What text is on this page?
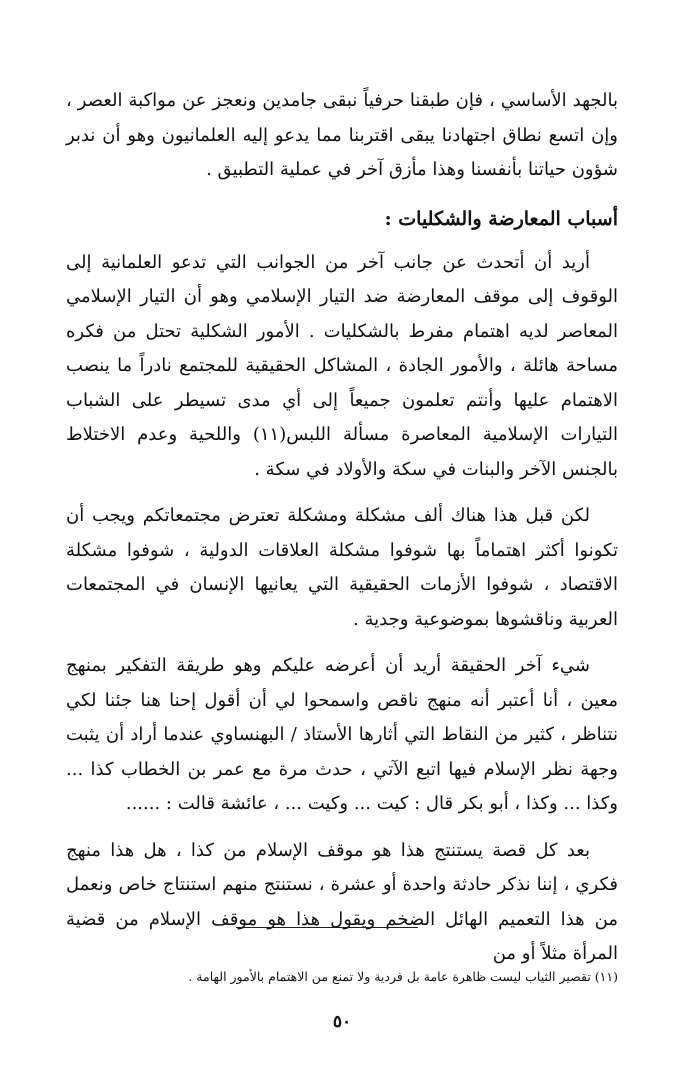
بالجهد الأساسي ، فإن طبقنا حرفياً نبقى جامدين ونعجز عن مواكبة العصر ، وإن اتسع نطاق اجتهادنا يبقى اقتربنا مما يدعو إليه العلمانيون وهو أن ندبر شؤون حياتنا بأنفسنا وهذا مأزق آخر في عملية التطبيق .

أسباب المعارضة والشكليات :

أريد أن أتحدث عن جانب آخر من الجوانب التي تدعو العلمانية إلى الوقوف إلى موقف المعارضة ضد التيار الإسلامي وهو أن التيار الإسلامي المعاصر لديه اهتمام مفرط بالشكليات . الأمور الشكلية تحتل من فكره مساحة هائلة ، والأمور الجادة ، المشاكل الحقيقية للمجتمع نادراً ما ينصب الاهتمام عليها وأنتم تعلمون جميعاً إلى أي مدى تسيطر على الشباب التيارات الإسلامية المعاصرة مسألة اللبس(١١) واللحية وعدم الاختلاط بالجنس الآخر والبنات في سكة والأولاد في سكة .

لكن قبل هذا هناك ألف مشكلة ومشكلة تعترض مجتمعاتكم ويجب أن تكونوا أكثر اهتماماً بها شوفوا مشكلة العلاقات الدولية ، شوفوا مشكلة الاقتصاد ، شوفوا الأزمات الحقيقية التي يعانيها الإنسان في المجتمعات العربية وناقشوها بموضوعية وجدية .

شيء آخر الحقيقة أريد أن أعرضه عليكم وهو طريقة التفكير بمنهج معين ، أنا أعتبر أنه منهج ناقص واسمحوا لي أن أقول إحنا هنا جئنا لكي نتناظر ، كثير من النقاط التي أثارها الأستاذ / البهنساوي عندما أراد أن يثبت وجهة نظر الإسلام فيها اتبع الآتي ، حدث مرة مع عمر بن الخطاب كذا ... وكذا ... وكذا ، أبو بكر قال : كيت ... وكيت ... ، عائشة قالت : ......

بعد كل قصة يستنتج هذا هو موقف الإسلام من كذا ، هل هذا منهج فكري ، إننا نذكر حادثة واحدة أو عشرة ، نستنتج منهم استنتاج خاص ونعمل من هذا التعميم الهائل الضخم ويقول هذا هو موقف الإسلام من قضية المرأة مثلاً أو من

(١١) تقصير الثياب ليست ظاهرة عامة بل فردية ولا تمنع من الاهتمام بالأمور الهامة .

٥٠
